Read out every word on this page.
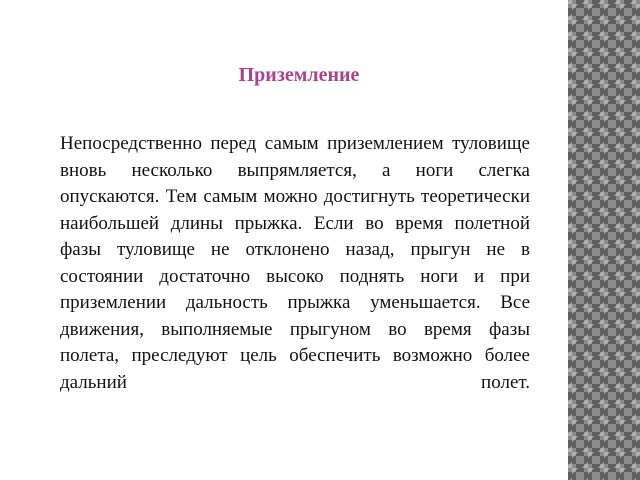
Приземление

Непосредственно перед самым приземлением туловище вновь несколько выпрямляется, а ноги слегка опускаются. Тем самым можно достигнуть теоретически наибольшей длины прыжка. Если во время полетной фазы туловище не отклонено назад, прыгун не в состоянии достаточно высоко поднять ноги и при приземлении дальность прыжка уменьшается. Все движения, выполняемые прыгуном во время фазы полета, преследуют цель обеспечить возможно более дальний полет.
